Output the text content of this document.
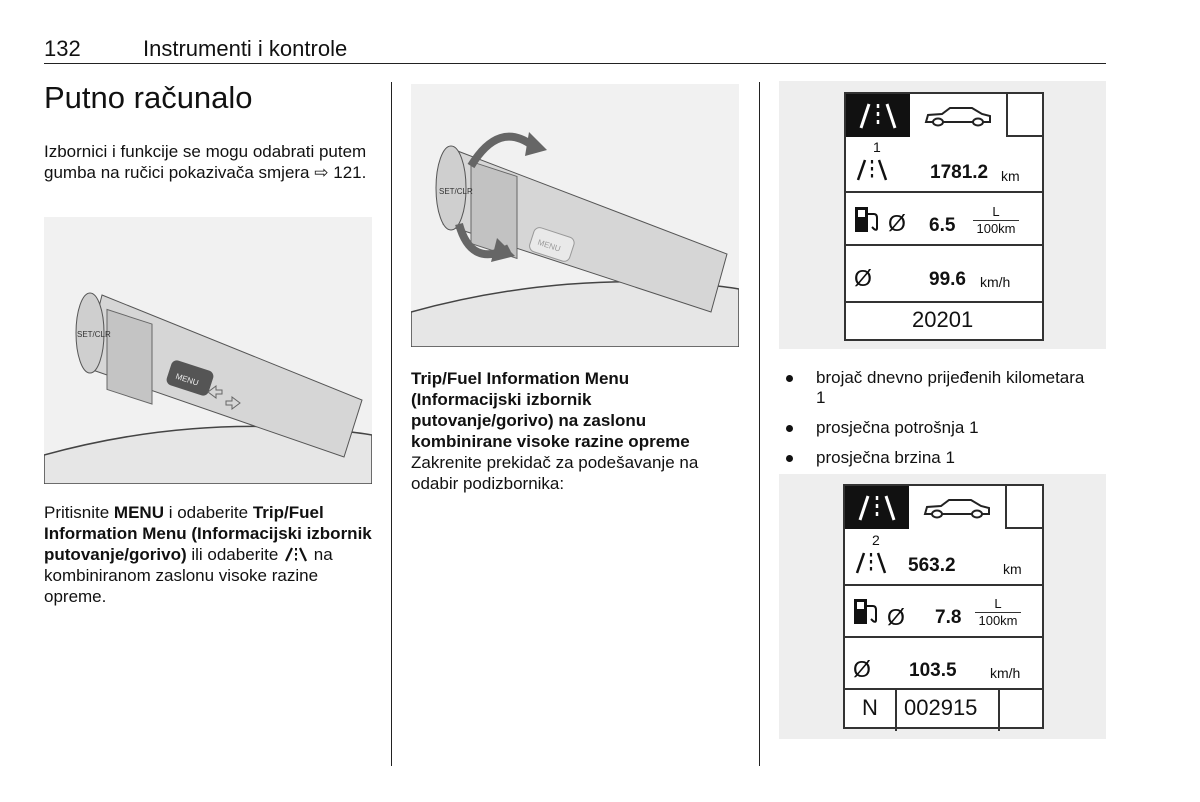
132	Instrumenti i kontrole
Putno računalo
Izbornici i funkcije se mogu odabrati putem gumba na ručici pokazivača smjera ⇨ 121.
SET/CLR
MENU
Pritisnite MENU i odaberite Trip/Fuel Information Menu (Informacijski izbornik putovanje/gorivo) ili odaberite  na kombiniranom zaslonu visoke razine opreme.
SET/CLR
MENU
Trip/Fuel Information Menu (Informacijski izbornik putovanje/gorivo) na zaslonu kombinirane visoke razine opreme
Zakrenite prekidač za podešavanje na odabir podizbornika:
1
1781.2 km
Ø $6.5 \frac{L}{100km}$
Ø	99.6 km/h
20201
brojač dnevno prijeđenih kilometara 1
prosječna potrošnja 1
prosječna brzina 1
2
563.2	km
Ø $7.8 \frac{L}{100km}$
Ø 103.5 km/h
N 002915
